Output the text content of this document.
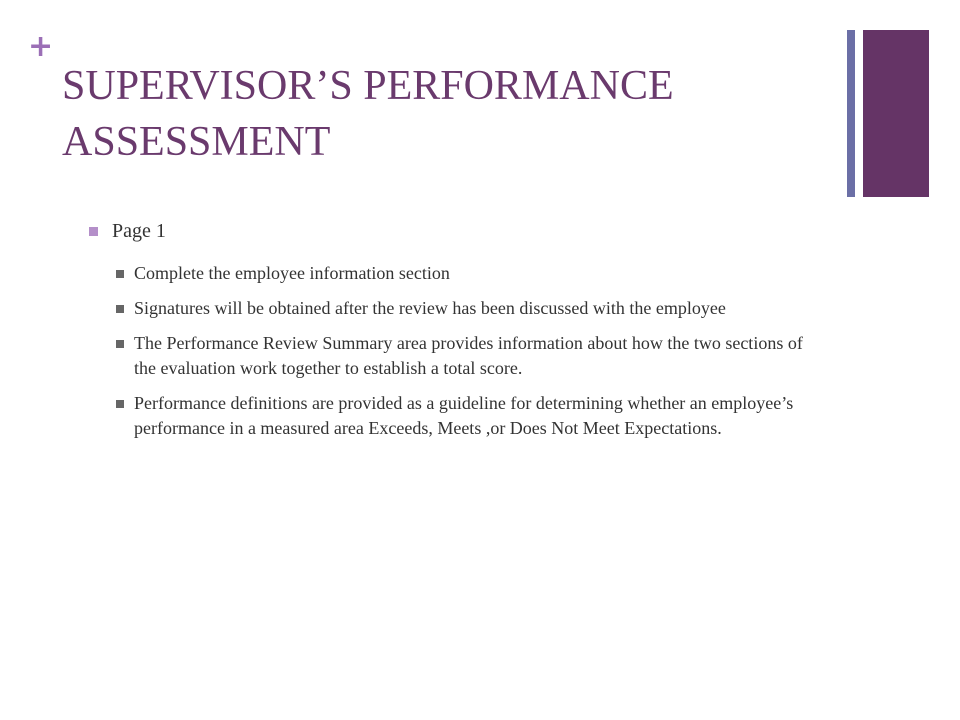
+
SUPERVISOR’S PERFORMANCE ASSESSMENT
Page 1
Complete the employee information section
Signatures will be obtained after the review has been discussed with the employee
The Performance Review Summary area provides information about how the two sections of the evaluation work together to establish a total score.
Performance definitions are provided as a guideline for determining whether an employee’s performance in a measured area Exceeds, Meets ,or Does Not Meet Expectations.
